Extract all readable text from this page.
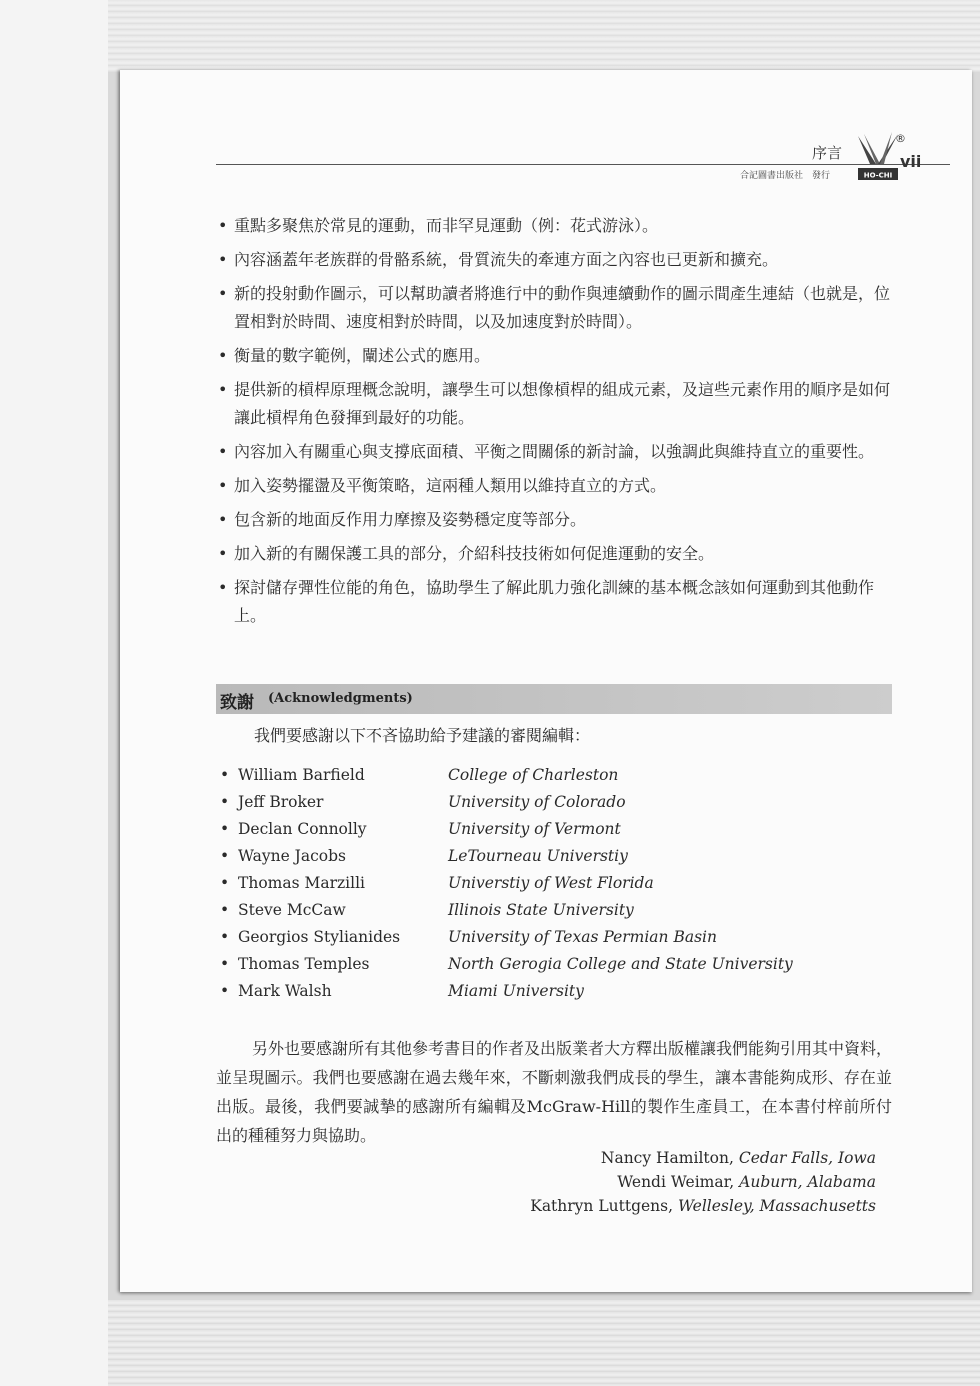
序言
合記圖書出版社　發行	HO-CHI
®
vii
• 重點多聚焦於常見的運動，而非罕見運動（例：花式游泳）。
• 內容涵蓋年老族群的骨骼系統，骨質流失的牽連方面之內容也已更新和擴充。
• 新的投射動作圖示，可以幫助讀者將進行中的動作與連續動作的圖示間產生連結（也就是，位置相對於時間、速度相對於時間，以及加速度對於時間）。
• 衡量的數字範例，闡述公式的應用。
• 提供新的槓桿原理概念說明，讓學生可以想像槓桿的組成元素，及這些元素作用的順序是如何讓此槓桿角色發揮到最好的功能。
• 內容加入有關重心與支撐底面積、平衡之間關係的新討論，以強調此與維持直立的重要性。
• 加入姿勢擺盪及平衡策略，這兩種人類用以維持直立的方式。
• 包含新的地面反作用力摩擦及姿勢穩定度等部分。
• 加入新的有關保護工具的部分，介紹科技技術如何促進運動的安全。
• 探討儲存彈性位能的角色，協助學生了解此肌力強化訓練的基本概念該如何運動到其他動作上。
致謝 (Acknowledgments)
我們要感謝以下不吝協助給予建議的審閱編輯：
• William Barfield	College of Charleston
• Jeff Broker	University of Colorado
• Declan Connolly	University of Vermont
• Wayne Jacobs	LeTourneau Universtiy
• Thomas Marzilli	Universtiy of West Florida
• Steve McCaw	Illinois State University
• Georgios Stylianides	University of Texas Permian Basin
• Thomas Temples	North Gerogia College and State University
• Mark Walsh	Miami University

另外也要感謝所有其他參考書目的作者及出版業者大方釋出版權讓我們能夠引用其中資料，並呈現圖示。我們也要感謝在過去幾年來，不斷刺激我們成長的學生，讓本書能夠成形、存在並出版。最後，我們要誠摯的感謝所有編輯及McGraw-Hill的製作生產員工，在本書付梓前所付出的種種努力與協助。

Nancy Hamilton, Cedar Falls, Iowa
Wendi Weimar, Auburn, Alabama
Kathryn Luttgens, Wellesley, Massachusetts
